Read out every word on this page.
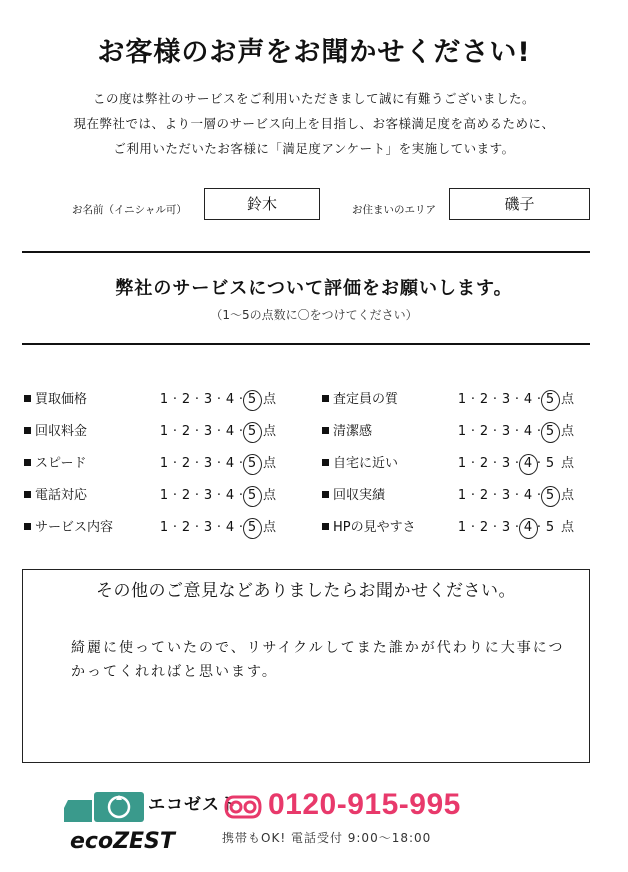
お客様のお声をお聞かせください!
この度は弊社のサービスをご利用いただきまして誠に有難うございました。
現在弊社では、より一層のサービス向上を目指し、お客様満足度を高めるために、
ご利用いただいたお客様に「満足度アンケート」を実施しています。
お名前（イニシャル可）	鈴木	お住まいのエリア	磯子
弊社のサービスについて評価をお願いします。
（1～5の点数に〇をつけてください）
買取価格	1 · 2 · 3 · 4 · 5 点	査定員の質	1 · 2 · 3 · 4 · 5 点
回収料金	1 · 2 · 3 · 4 · 5 点	清潔感	1 · 2 · 3 · 4 · 5 点
スピード	1 · 2 · 3 · 4 · 5 点	自宅に近い	1 · 2 · 3 · 4 · 5 点
電話対応	1 · 2 · 3 · 4 · 5 点	回収実績	1 · 2 · 3 · 4 · 5 点
サービス内容	1 · 2 · 3 · 4 · 5 点	HPの見やすさ	1 · 2 · 3 · 4 · 5 点
その他のご意見などありましたらお聞かせください。
綺麗に使っていたので、リサイクルしてまた誰かが代わりに大事につ
かってくれればと思います。
ecoZEST
エコゼスト 0120-915-995
携帯もOK! 電話受付 9:00～18:00
